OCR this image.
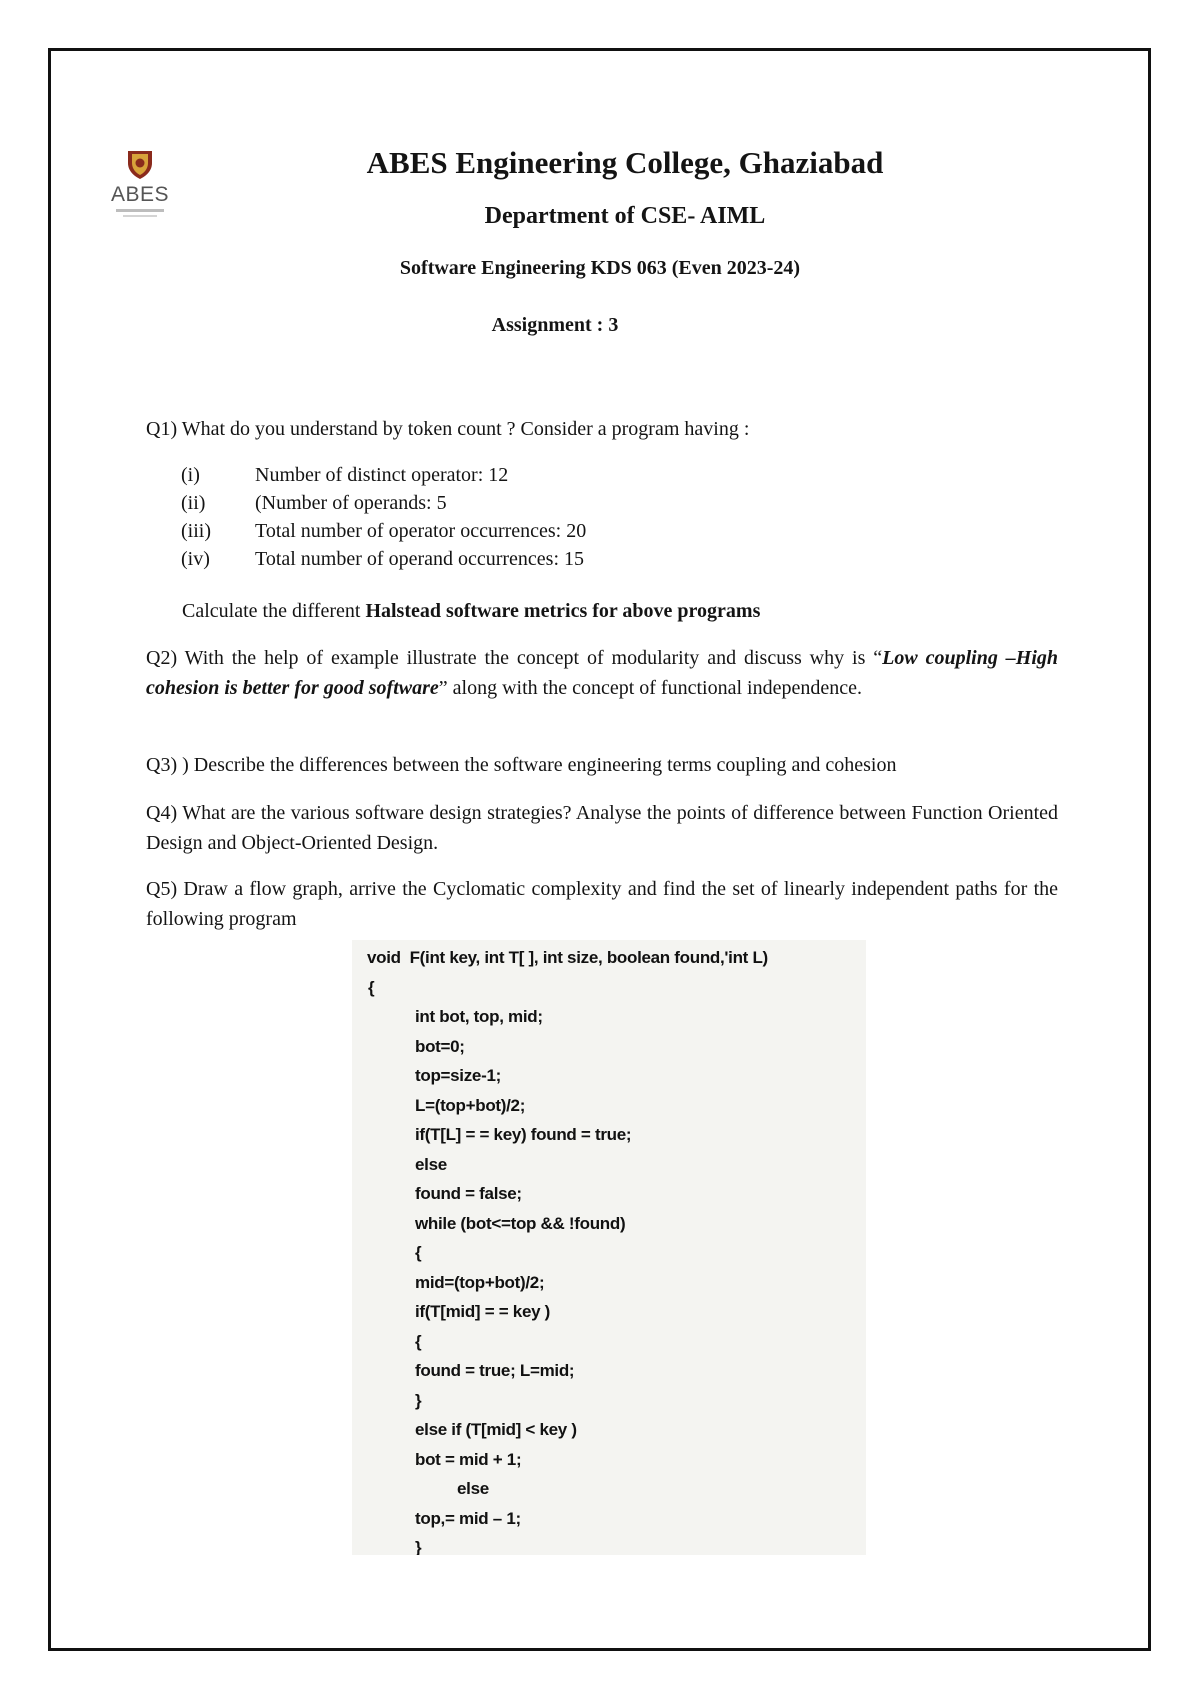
ABES
ABES Engineering College, Ghaziabad
Department of CSE- AIML
Software Engineering KDS 063 (Even 2023-24)
Assignment : 3
Q1) What do you understand by token count ? Consider a program having :
(i)	Number of distinct operator: 12
(ii) (Number of operands: 5
(iii) Total number of operator occurrences: 20
(iv) Total number of operand occurrences: 15
Calculate the different Halstead software metrics for above programs
Q2) With the help of example illustrate the concept of modularity and discuss why is “Low coupling –High cohesion is better for good software” along with the concept of functional independence.
Q3) ) Describe the differences between the software engineering terms coupling and cohesion
Q4) What are the various software design strategies? Analyse the points of difference between Function Oriented Design and Object-Oriented Design.
Q5) Draw a flow graph, arrive the Cyclomatic complexity and find the set of linearly independent paths for the following program
void  F(int key, int T[ ], int size, boolean found,'int L)
{
int bot, top, mid;
bot=0;
top=size-1;
L=(top+bot)/2;
if(T[L] = = key) found = true;
else
found = false;
while (bot<=top && !found)
{
mid=(top+bot)/2;
if(T[mid] = = key )
{
found = true; L=mid;
}
else if (T[mid] < key )
bot = mid + 1;
else
top,= mid – 1;
}
